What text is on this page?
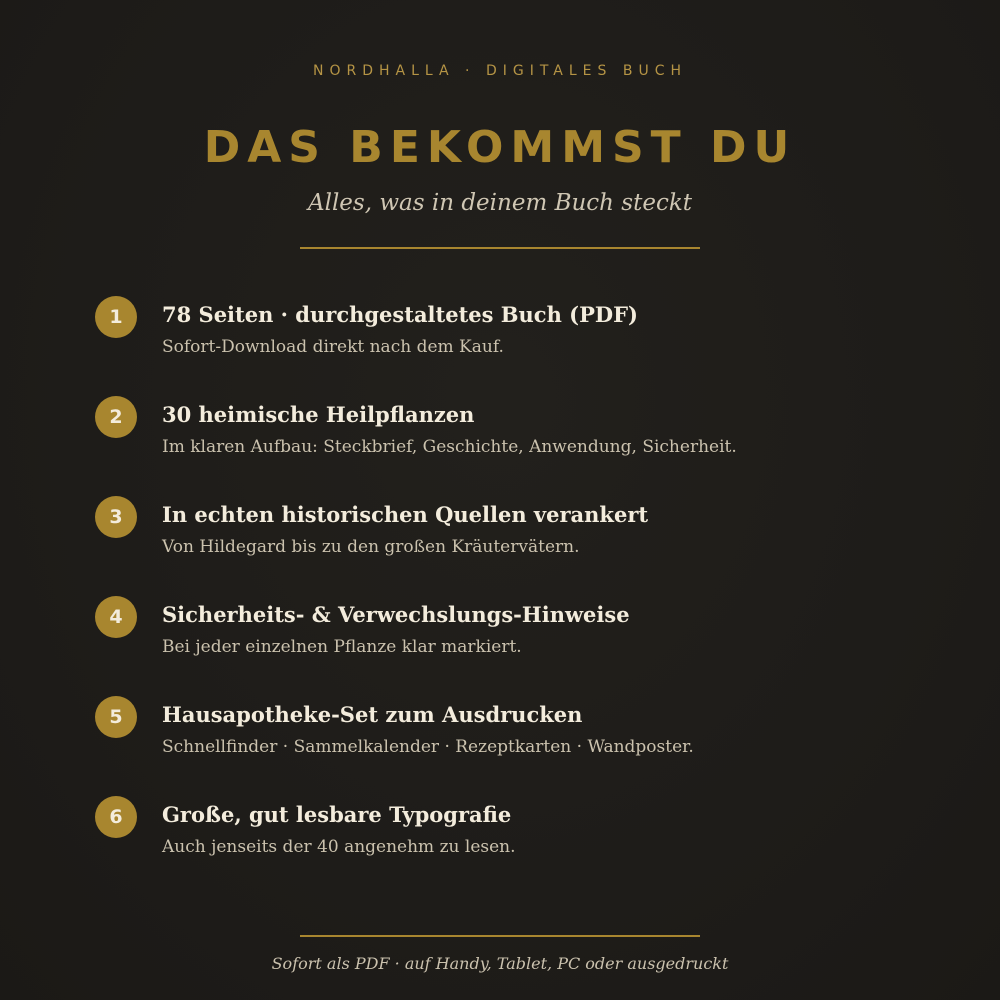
NORDHALLA · DIGITALES BUCH
DAS BEKOMMST DU
Alles, was in deinem Buch steckt
1	78 Seiten · durchgestaltetes Buch (PDF)
Sofort-Download direkt nach dem Kauf.
2	30 heimische Heilpflanzen
Im klaren Aufbau: Steckbrief, Geschichte, Anwendung, Sicherheit.
3	In echten historischen Quellen verankert
Von Hildegard bis zu den großen Kräutervätern.
4	Sicherheits- & Verwechslungs-Hinweise
Bei jeder einzelnen Pflanze klar markiert.
5	Hausapotheke-Set zum Ausdrucken
Schnellfinder · Sammelkalender · Rezeptkarten · Wandposter.
6	Große, gut lesbare Typografie
Auch jenseits der 40 angenehm zu lesen.
Sofort als PDF · auf Handy, Tablet, PC oder ausgedruckt
